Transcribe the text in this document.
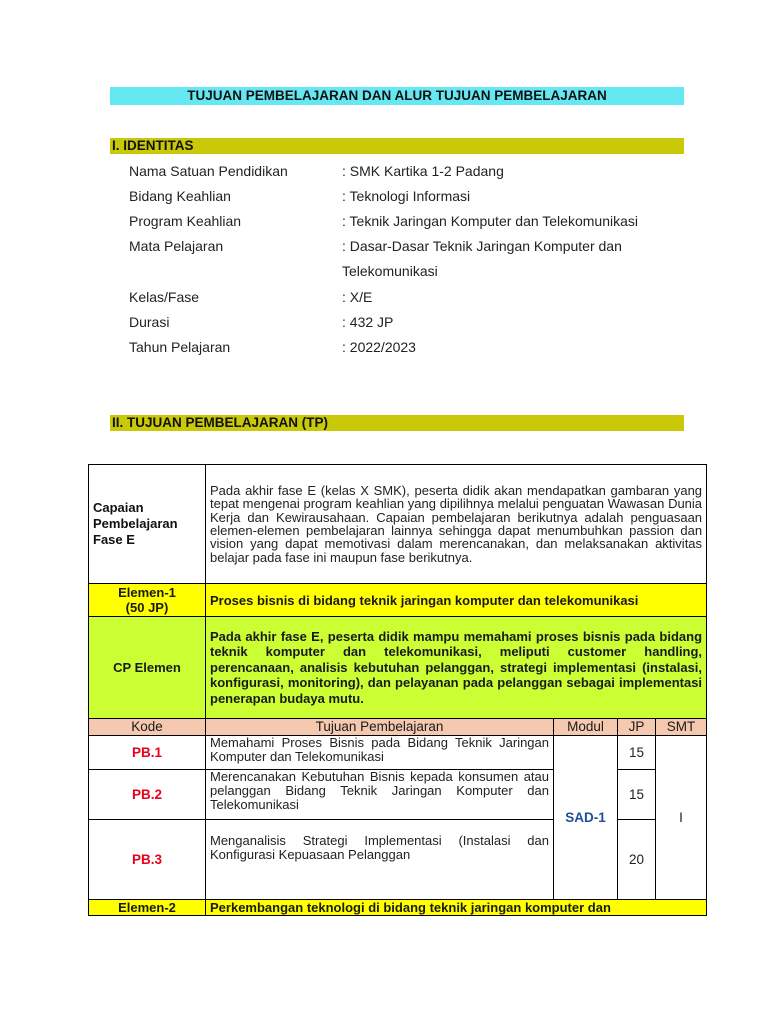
TUJUAN PEMBELAJARAN DAN ALUR TUJUAN PEMBELAJARAN
I. IDENTITAS
Nama Satuan Pendidikan	: SMK Kartika 1-2 Padang
Bidang Keahlian	: Teknologi Informasi
Program Keahlian	: Teknik Jaringan Komputer dan Telekomunikasi
Mata Pelajaran	: Dasar-Dasar Teknik Jaringan Komputer dan
Telekomunikasi
Kelas/Fase	: X/E
Durasi	: 432 JP
Tahun Pelajaran	: 2022/2023
II. TUJUAN PEMBELAJARAN (TP)
Capaian Pembelajaran Fase E	Pada akhir fase E (kelas X SMK), peserta didik akan mendapatkan gambaran yang tepat mengenai program keahlian yang dipilihnya melalui penguatan Wawasan Dunia Kerja dan Kewirausahaan. Capaian pembelajaran berikutnya adalah penguasaan elemen-elemen pembelajaran lainnya sehingga dapat menumbuhkan passion dan vision yang dapat memotivasi dalam merencanakan, dan melaksanakan aktivitas belajar pada fase ini maupun fase berikutnya.			

Elemen-1
(50 JP)	Proses bisnis di bidang teknik jaringan komputer dan telekomunikasi			
CP Elemen	Pada akhir fase E, peserta didik mampu memahami proses bisnis pada bidang teknik komputer dan telekomunikasi, meliputi customer handling, perencanaan, analisis kebutuhan pelanggan, strategi implementasi (instalasi, konfigurasi, monitoring), dan pelayanan pada pelanggan sebagai implementasi penerapan budaya mutu.			
Kode	Tujuan Pembelajaran	Modul	JP	SMT
PB.1	Memahami Proses Bisnis pada Bidang Teknik Jaringan Komputer dan Telekomunikasi	SAD-1	15	I
PB.2	Merencanakan Kebutuhan Bisnis kepada konsumen atau pelanggan Bidang Teknik Jaringan Komputer dan Telekomunikasi		15	
PB.3	Menganalisis Strategi Implementasi (Instalasi dan Konfigurasi Kepuasaan Pelanggan		20	
Elemen-2	Perkembangan teknologi di bidang teknik jaringan komputer dan			
